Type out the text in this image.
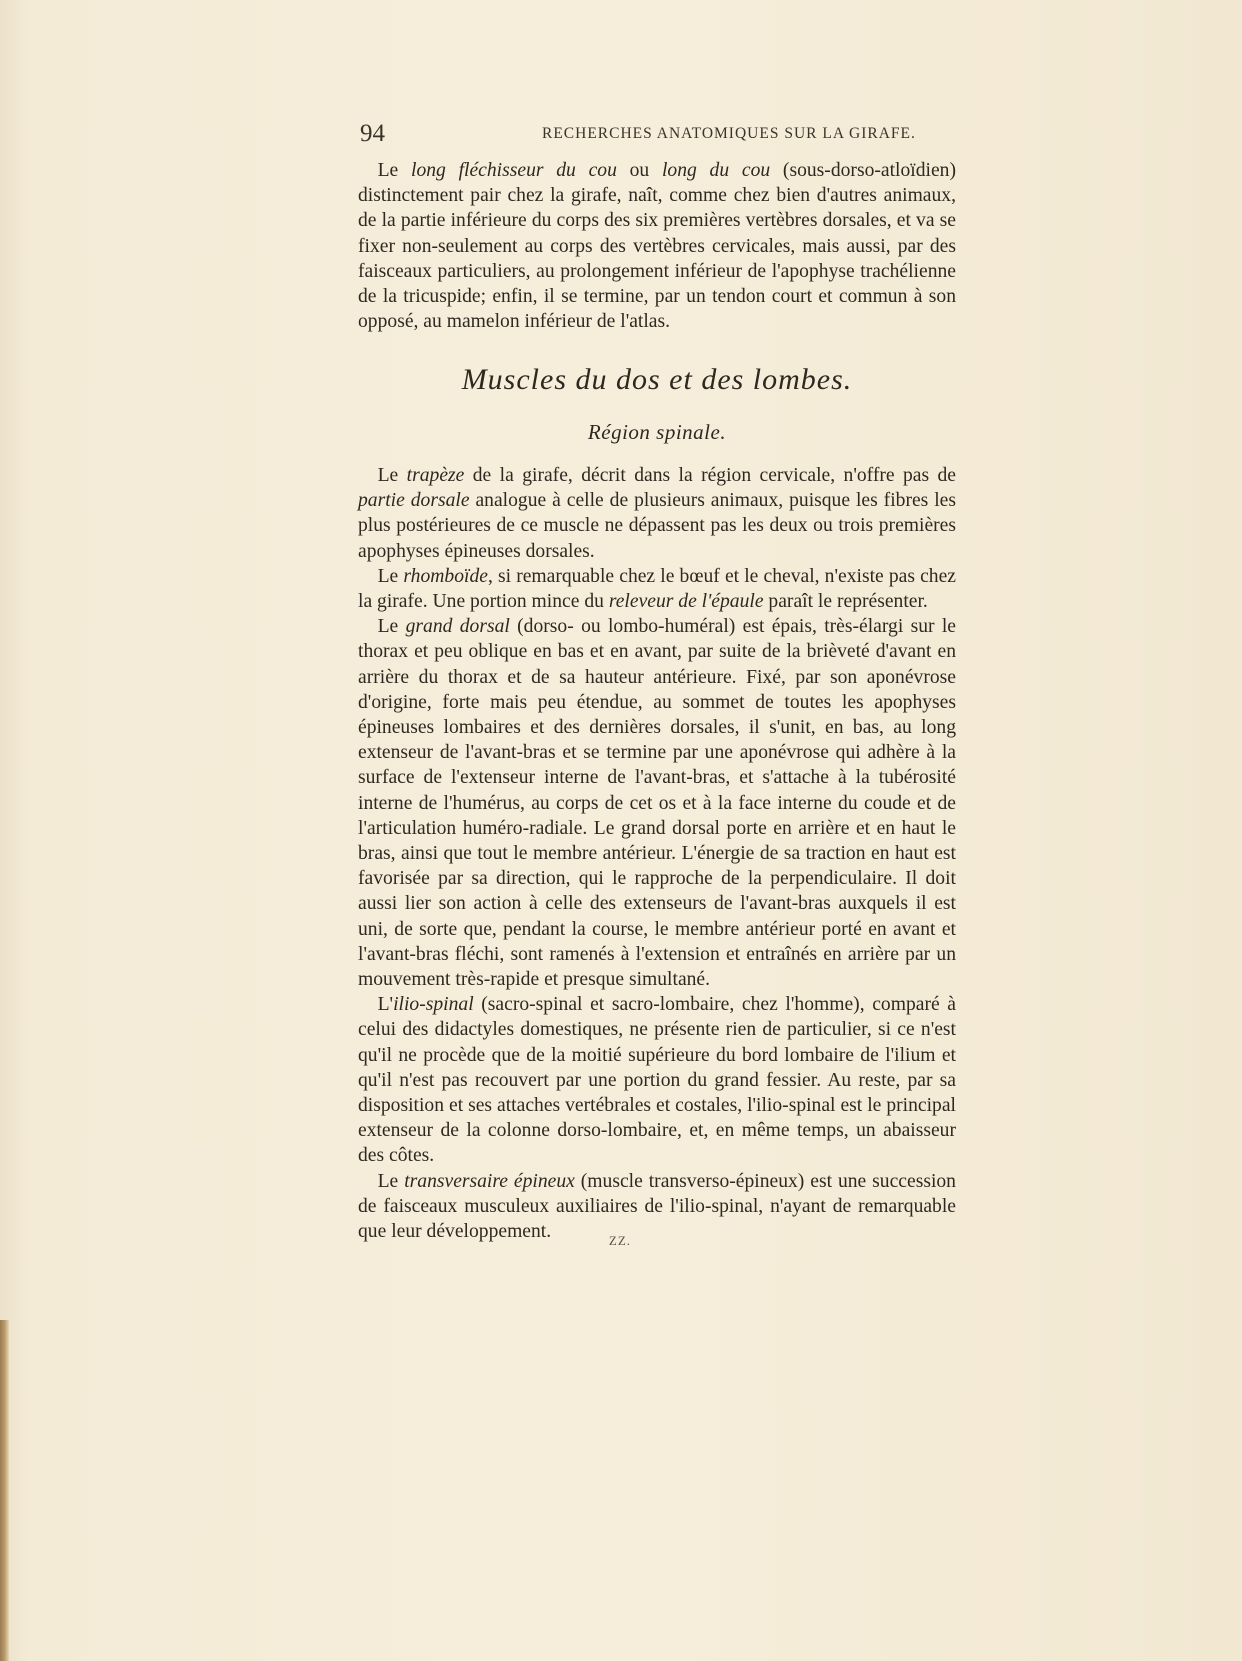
94	RECHERCHES ANATOMIQUES SUR LA GIRAFE.

Le long fléchisseur du cou ou long du cou (sous-dorso-atloïdien) distinctement pair chez la girafe, naît, comme chez bien d'autres animaux, de la partie inférieure du corps des six premières vertèbres dorsales, et va se fixer non-seulement au corps des vertèbres cervicales, mais aussi, par des faisceaux particuliers, au prolongement inférieur de l'apophyse trachélienne de la tricuspide; enfin, il se termine, par un tendon court et commun à son opposé, au mamelon inférieur de l'atlas.

Muscles du dos et des lombes.
Région spinale.

Le trapèze de la girafe, décrit dans la région cervicale, n'offre pas de partie dorsale analogue à celle de plusieurs animaux, puisque les fibres les plus postérieures de ce muscle ne dépassent pas les deux ou trois premières apophyses épineuses dorsales.

Le rhomboïde, si remarquable chez le bœuf et le cheval, n'existe pas chez la girafe. Une portion mince du releveur de l'épaule paraît le représenter.

Le grand dorsal (dorso- ou lombo-huméral) est épais, très-élargi sur le thorax et peu oblique en bas et en avant, par suite de la brièveté d'avant en arrière du thorax et de sa hauteur antérieure. Fixé, par son aponévrose d'origine, forte mais peu étendue, au sommet de toutes les apophyses épineuses lombaires et des dernières dorsales, il s'unit, en bas, au long extenseur de l'avant-bras et se termine par une aponévrose qui adhère à la surface de l'extenseur interne de l'avant-bras, et s'attache à la tubérosité interne de l'humérus, au corps de cet os et à la face interne du coude et de l'articulation huméro-radiale. Le grand dorsal porte en arrière et en haut le bras, ainsi que tout le membre antérieur. L'énergie de sa traction en haut est favorisée par sa direction, qui le rapproche de la perpendiculaire. Il doit aussi lier son action à celle des extenseurs de l'avant-bras auxquels il est uni, de sorte que, pendant la course, le membre antérieur porté en avant et l'avant-bras fléchi, sont ramenés à l'extension et entraînés en arrière par un mouvement très-rapide et presque simultané.

L'ilio-spinal (sacro-spinal et sacro-lombaire, chez l'homme), comparé à celui des didactyles domestiques, ne présente rien de particulier, si ce n'est qu'il ne procède que de la moitié supérieure du bord lombaire de l'ilium et qu'il n'est pas recouvert par une portion du grand fessier. Au reste, par sa disposition et ses attaches vertébrales et costales, l'ilio-spinal est le principal extenseur de la colonne dorso-lombaire, et, en même temps, un abaisseur des côtes.

Le transversaire épineux (muscle transverso-épineux) est une succession de faisceaux musculeux auxiliaires de l'ilio-spinal, n'ayant de remarquable que leur développement.	ZZ.
